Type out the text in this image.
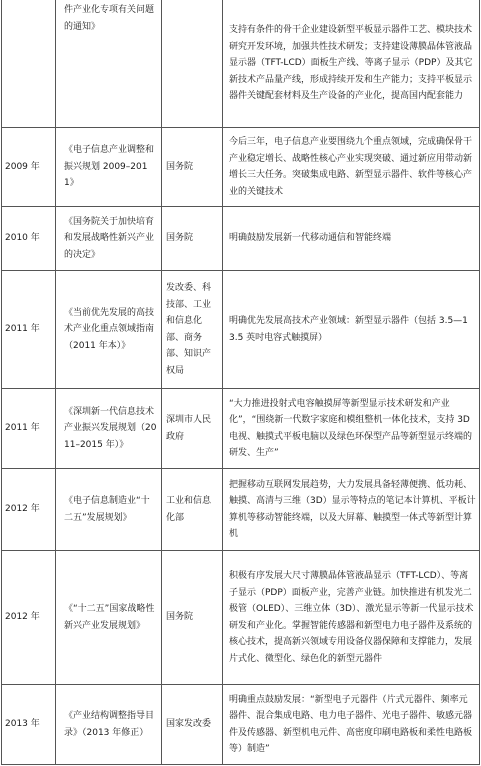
	件产业化专项有关问题的通知》		支持有条件的骨干企业建设新型平板显示器件工艺、模块技术研究开发环境，加强共性技术研发；支持建设薄膜晶体管液晶显示器（TFT-LCD）面板生产线、等离子显示（PDP）及其它新技术产品量产线，形成持续开发和生产能力；支持平板显示器件关键配套材料及生产设备的产业化，提高国内配套能力
2009 年	《电子信息产业调整和振兴规划 2009–2011》	国务院	今后三年，电子信息产业要围绕九个重点领域，完成确保骨干产业稳定增长、战略性核心产业实现突破、通过新应用带动新增长三大任务。突破集成电路、新型显示器件、软件等核心产业的关键技术
2010 年	《国务院关于加快培育和发展战略性新兴产业的决定》	国务院	明确鼓励发展新一代移动通信和智能终端
2011 年	《当前优先发展的高技术产业化重点领域指南（2011 年本）》	发改委、科技部、工业和信息化部、商务部、知识产权局	明确优先发展高技术产业领域：新型显示器件（包括 3.5—13.5 英吋电容式触摸屏）
2011 年	《深圳新一代信息技术产业振兴发展规划（2011–2015 年）》	深圳市人民政府	“大力推进投射式电容触摸屏等新型显示技术研发和产业化”，“围绕新一代数字家庭和模组整机一体化技术，支持 3D 电视、触摸式平板电脑以及绿色环保型产品等新型显示终端的研发、生产”
2012 年	《电子信息制造业“十二五”发展规划》	工业和信息化部	把握移动互联网发展趋势，大力发展具备轻薄便携、低功耗、触摸、高清与三维（3D）显示等特点的笔记本计算机、平板计算机等移动智能终端，以及大屏幕、触摸型一体式等新型计算机
2012 年	《“十二五”国家战略性新兴产业发展规划》	国务院	积极有序发展大尺寸薄膜晶体管液晶显示（TFT-LCD）、等离子显示（PDP）面板产业，完善产业链。加快推进有机发光二极管（OLED）、三维立体（3D）、激光显示等新一代显示技术研发和产业化。掌握智能传感器和新型电力电子器件及系统的核心技术，提高新兴领域专用设备仪器保障和支撑能力，发展片式化、微型化、绿色化的新型元器件
2013 年	《产业结构调整指导目录》（2013 年修正）	国家发改委	明确重点鼓励发展：“新型电子元器件（片式元器件、频率元器件、混合集成电路、电力电子器件、光电子器件、敏感元器件及传感器、新型机电元件、高密度印刷电路板和柔性电路板等）制造”
